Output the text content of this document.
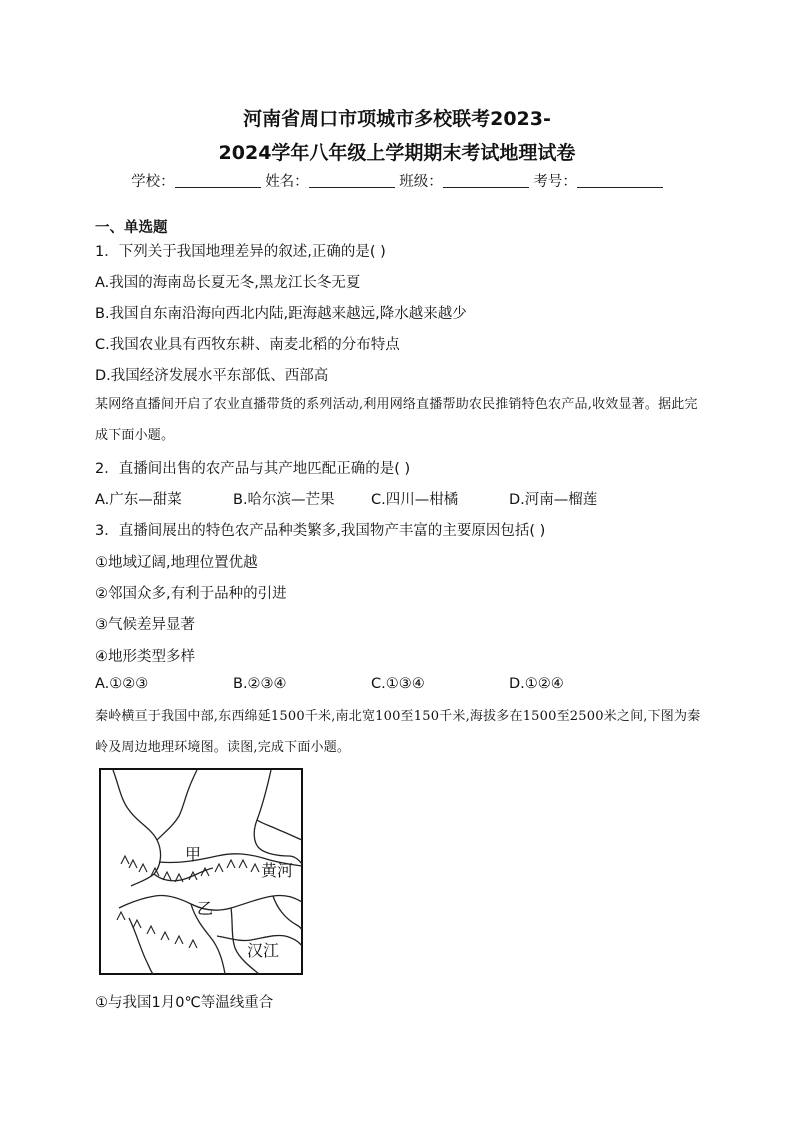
河南省周口市项城市多校联考2023-
2024学年八年级上学期期末考试地理试卷
学校：	姓名：	班级：	考号：
一、单选题
1．下列关于我国地理差异的叙述,正确的是( )
A.我国的海南岛长夏无冬,黑龙江长冬无夏
B.我国自东南沿海向西北内陆,距海越来越远,降水越来越少
C.我国农业具有西牧东耕、南麦北稻的分布特点
D.我国经济发展水平东部低、西部高
某网络直播间开启了农业直播带货的系列活动,利用网络直播帮助农民推销特色农产品,收效显著。据此完成下面小题。
2．直播间出售的农产品与其产地匹配正确的是( )
A.广东—甜菜	B.哈尔滨—芒果	C.四川—柑橘	D.河南—榴莲
3．直播间展出的特色农产品种类繁多,我国物产丰富的主要原因包括( )
①地域辽阔,地理位置优越
②邻国众多,有利于品种的引进
③气候差异显著
④地形类型多样
A.①②③	B.②③④	C.①③④	D.①②④
秦岭横亘于我国中部,东西绵延1500千米,南北宽100至150千米,海拔多在1500至2500米之间,下图为秦岭及周边地理环境图。读图,完成下面小题。
甲
黄河
乙
汉江
①与我国1月0℃等温线重合
